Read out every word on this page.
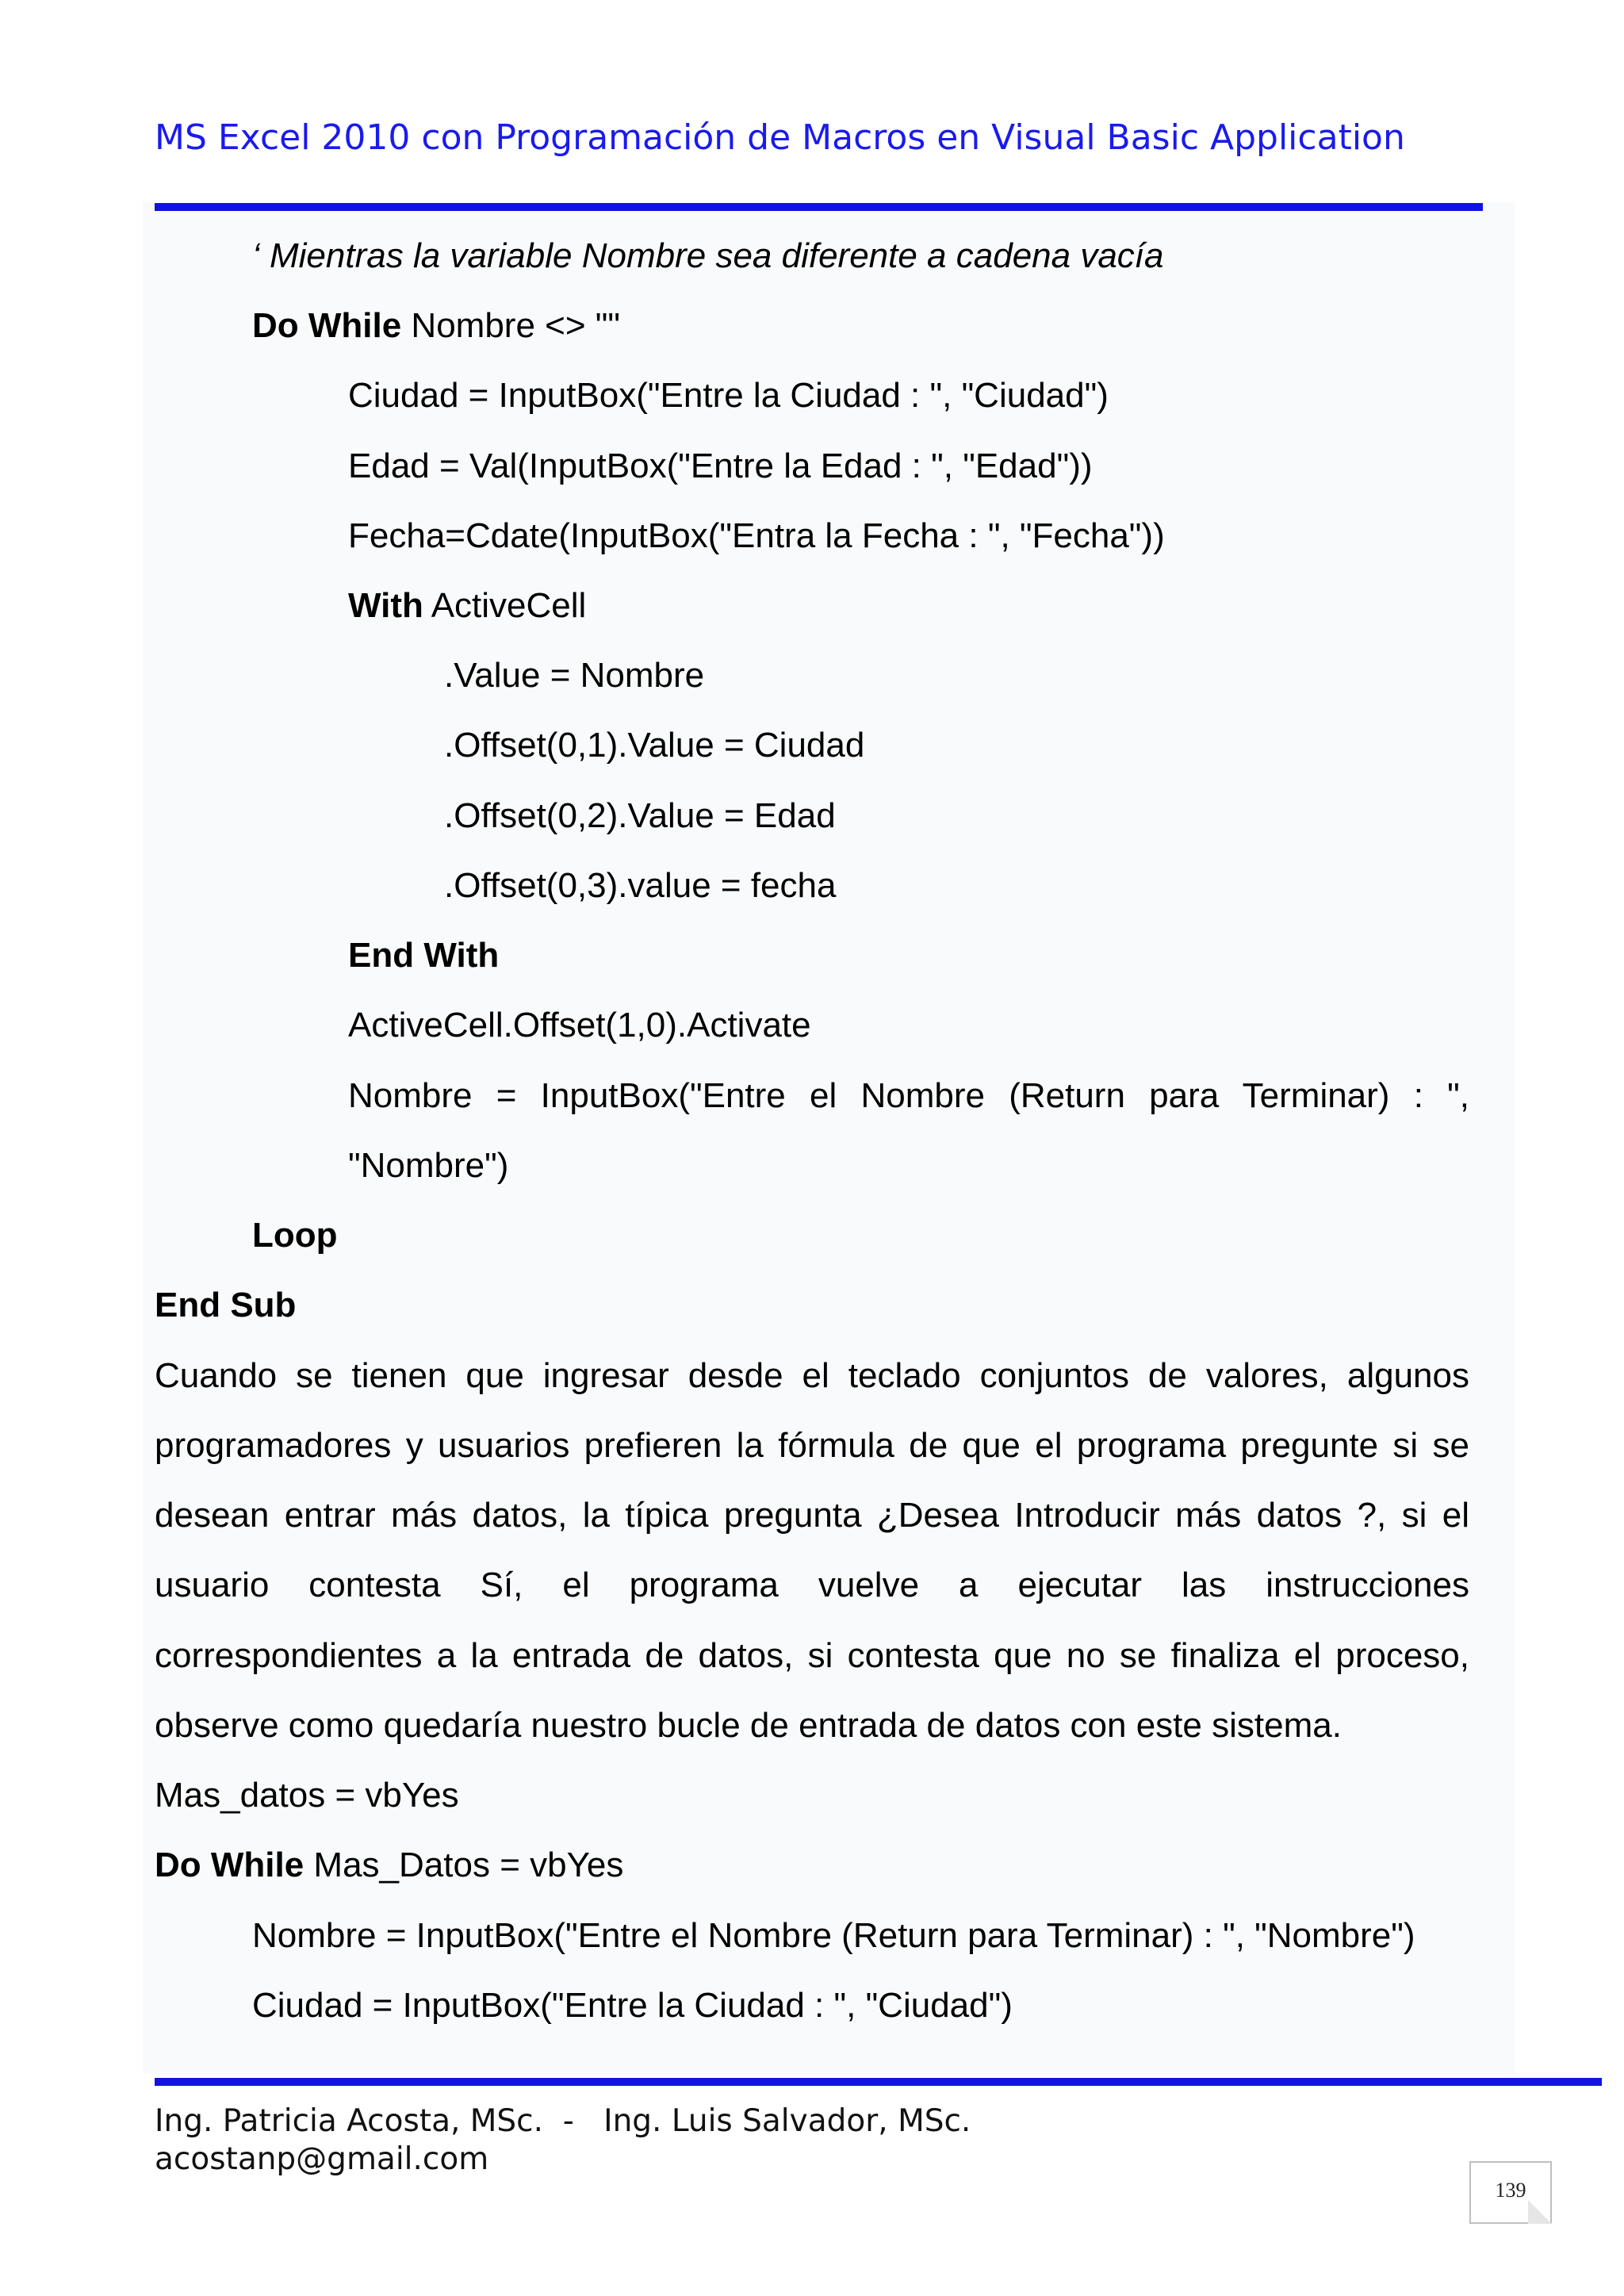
MS Excel 2010 con Programación de Macros en Visual Basic Application
‘ Mientras la variable Nombre sea diferente a cadena vacía
Do While Nombre <> ""
Ciudad = InputBox("Entre la Ciudad : ", "Ciudad")
Edad = Val(InputBox("Entre la Edad : ", "Edad"))
Fecha=Cdate(InputBox("Entra la Fecha : ", "Fecha"))
With ActiveCell
.Value = Nombre
.Offset(0,1).Value = Ciudad
.Offset(0,2).Value = Edad
.Offset(0,3).value = fecha
End With
ActiveCell.Offset(1,0).Activate
Nombre = InputBox("Entre el Nombre (Return para Terminar) : ",
"Nombre")
Loop
End Sub
Cuando se tienen que ingresar desde el teclado conjuntos de valores, algunos
programadores y usuarios prefieren la fórmula de que el programa pregunte si se
desean entrar más datos, la típica pregunta ¿Desea Introducir más datos ?, si el
usuario contesta Sí, el programa vuelve a ejecutar las instrucciones
correspondientes a la entrada de datos, si contesta que no se finaliza el proceso,
observe como quedaría nuestro bucle de entrada de datos con este sistema.
Mas_datos = vbYes
Do While Mas_Datos = vbYes
Nombre = InputBox("Entre el Nombre (Return para Terminar) : ", "Nombre")
Ciudad = InputBox("Entre la Ciudad : ", "Ciudad")
Ing. Patricia Acosta, MSc.  -   Ing. Luis Salvador, MSc.
acostanp@gmail.com
139
